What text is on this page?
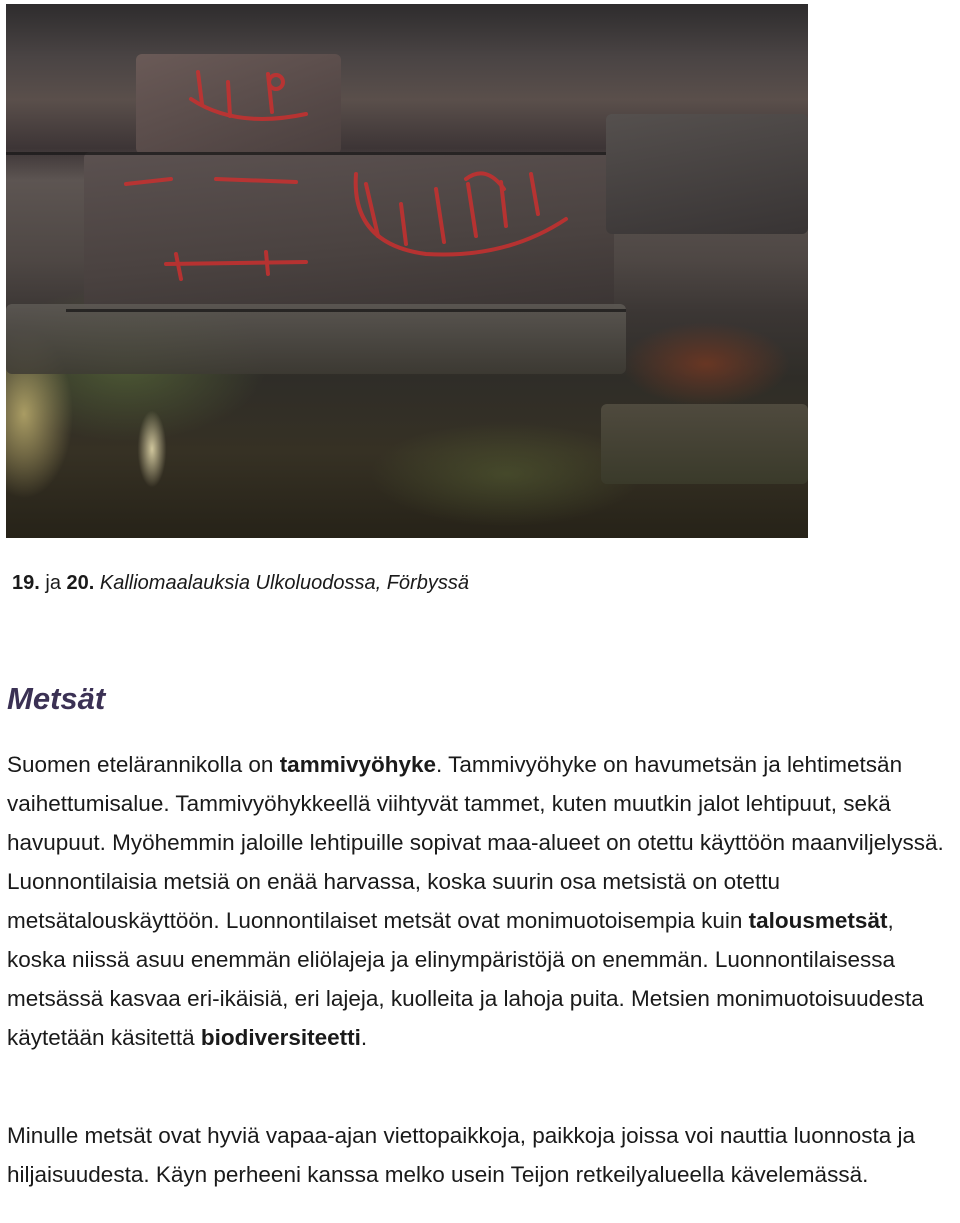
19. ja 20. Kalliomaalauksia Ulkoluodossa, Förbyssä
Metsät

Suomen etelärannikolla on tammivyöhyke. Tammivyöhyke on havumetsän ja lehtimetsän vaihettumisalue. Tammivyöhykkeellä viihtyvät tammet, kuten muutkin jalot lehtipuut, sekä havupuut. Myöhemmin jaloille lehtipuille sopivat maa-alueet on otettu käyttöön maanviljelyssä. Luonnontilaisia metsiä on enää harvassa, koska suurin osa metsistä on otettu metsätalouskäyttöön. Luonnontilaiset metsät ovat monimuotoisempia kuin talousmetsät, koska niissä asuu enemmän eliölajeja ja elinympäristöjä on enemmän. Luonnontilaisessa metsässä kasvaa eri-ikäisiä, eri lajeja, kuolleita ja lahoja puita. Metsien monimuotoisuudesta käytetään käsitettä biodiversiteetti.

Minulle metsät ovat hyviä vapaa-ajan viettopaikkoja, paikkoja joissa voi nauttia luonnosta ja hiljaisuudesta. Käyn perheeni kanssa melko usein Teijon retkeilyalueella kävelemässä.
